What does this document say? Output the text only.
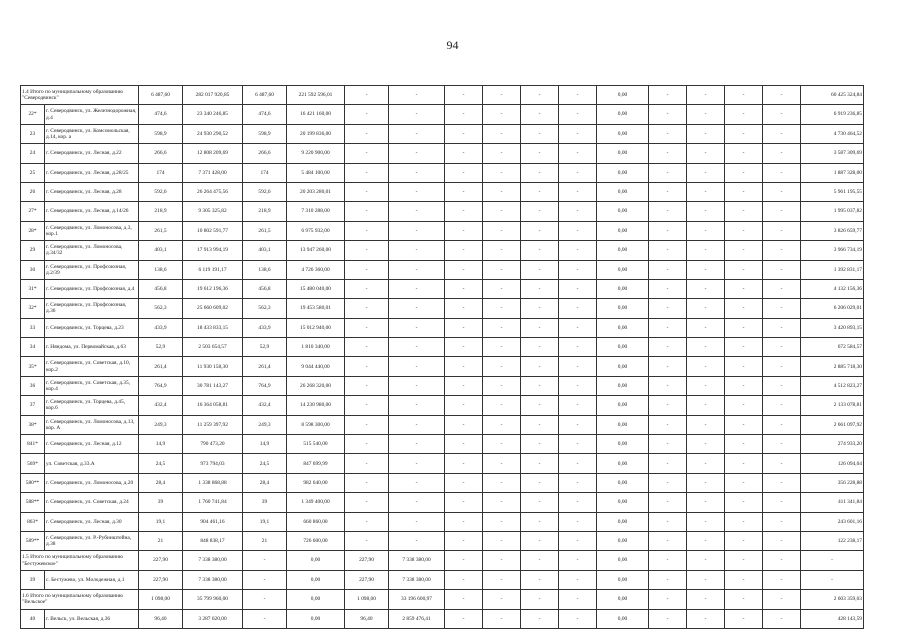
94
1.4 Итого по муниципальному образованию "Северодвинск"		6 487,60	282 017 920,85	6 487,60	221 592 596,01	-	-	-	-	-	-	0,00	-	-	-	-	60 425 324,84
22*	г. Северодвинск, ул. Железнодорожная, д.4	474,6	23 340 246,85	474,6	16 421 160,00	-	-	-	-	-	-	0,00	-	-	-	-	6 919 236,85
23	г. Северодвинск, ул. Комсомольская, д.14, кор. а	598,9	24 930 290,52	598,9	20 199 836,00	-	-	-	-	-	-	0,00	-	-	-	-	4 730 464,52
24	г. Северодвинск, ул. Лесная, д.22	266,6	12 808 209,69	266,6	9 220 900,00	-	-	-	-	-	-	0,00	-	-	-	-	3 587 309,69
25	г. Северодвинск, ул. Лесная, д.28/25	174	7 371 428,00	174	5 484 100,00	-	-	-	-	-	-	0,00	-	-	-	-	1 887 328,00
26	г. Северодвинск, ул. Лесная, д.28	592,6	26 264 475,56	592,6	20 203 280,01	-	-	-	-	-	-	0,00	-	-	-	-	5 961 195,55
27*	г. Северодвинск, ул. Лесная, д.14/26	218,9	9 305 325,82	218,9	7 310 288,00	-	-	-	-	-	-	0,00	-	-	-	-	1 995 037,82
28*	г. Северодвинск, ул. Ломоносова, д.3, кор.1	261,5	10 802 591,77	261,5	6 975 932,00	-	-	-	-	-	-	0,00	-	-	-	-	3 826 659,77
29	г. Северодвинск, ул. Ломоносова, д.34/32	403,1	17 913 994,19	403,1	13 947 260,00	-	-	-	-	-	-	0,00	-	-	-	-	3 966 734,19
30	г. Северодвинск, ул. Профсоюзная, д.2/39	138,6	6 119 191,17	138,6	4 726 360,00	-	-	-	-	-	-	0,00	-	-	-	-	1 392 831,17
31*	г. Северодвинск, ул. Профсоюзная, д.4	456,8	19 612 196,36	456,8	15 480 040,00	-	-	-	-	-	-	0,00	-	-	-	-	4 132 156,36
32*	г. Северодвинск, ул. Профсоюзная, д.36	562,3	25 660 609,02	562,3	19 453 580,01	-	-	-	-	-	-	0,00	-	-	-	-	6 206 029,01
33	г. Северодвинск, ул. Торцева, д.23	433,9	18 433 833,15	433,9	15 012 940,00	-	-	-	-	-	-	0,00	-	-	-	-	3 420 893,15
34	г. Няндома, ул. Первомайская, д.63	52,9	2 503 654,57	52,9	1 810 340,00	-	-	-	-	-	-	0,00	-	-	-	-	672 584,57
35*	г. Северодвинск, ул. Советская, д.10, кор.2	261,4	11 930 158,30	261,4	9 044 440,00	-	-	-	-	-	-	0,00	-	-	-	-	2 885 718,30
36	г. Северодвинск, ул. Советская, д.35, кор.4	764,9	30 781 143,27	764,9	26 268 320,00	-	-	-	-	-	-	0,00	-	-	-	-	4 512 823,27
37	г. Северодвинск, ул. Торцева, д.45, кор.6	432,4	16 364 058,81	432,4	14 230 980,00	-	-	-	-	-	-	0,00	-	-	-	-	2 133 078,81
38*	г. Северодвинск, ул. Ломоносова, д.13, кор. А	249,3	11 259 397,92	249,3	8 598 300,00	-	-	-	-	-	-	0,00	-	-	-	-	2 661 097,92
841*	г. Северодвинск, ул. Лесная, д.12	14,9	790 473,20	14,9	515 540,00	-	-	-	-	-	-	0,00	-	-	-	-	274 933,20
569*	ул. Советская, д.33.А	24,5	973 794,03	24,5	847 699,99	-	-	-	-	-	-	0,00	-	-	-	-	126 094,04
580**	г. Северодвинск, ул. Ломоносова, д.20	28,4	1 338 868,88	28,4	982 640,00	-	-	-	-	-	-	0,00	-	-	-	-	356 228,88
588**	г. Северодвинск, ул. Советская, д.24	39	1 760 741,84	39	1 349 400,00	-	-	-	-	-	-	0,00	-	-	-	-	411 341,84
863*	г. Северодвинск, ул. Лесная, д.30	19,1	904 461,16	19,1	660 860,00	-	-	-	-	-	-	0,00	-	-	-	-	243 601,16
589**	г. Северодвинск, ул. Р.-Рубинштейна, д.38	21	848 838,17	21	726 600,00	-	-	-	-	-	-	0,00	-	-	-	-	122 238,17
1.5 Итого по муниципальному образованию "Бестужевское"		227,90	7 338 380,00	-	0,00	227,90	7 338 380,00	-	-	-	-	0,00	-	-	-	-	-
39	с. Бестужево, ул. Молодежная, д.1	227,90	7 338 380,00	-	0,00	227,90	7 338 380,00	-	-	-	-	0,00	-	-	-	-	-
1.6 Итого по муниципальному образованию "Вельское"		1 098,00	35 799 960,00	-	0,00	1 098,00	33 196 600,97	-	-	-	-	0,00	-	-	-	-	2 603 359,03
40	г. Вельск, ул. Вельская, д.36	96,40	3 287 620,00	-	0,00	96,40	2 859 476,41	-	-	-	-	0,00	-	-	-	-	428 143,59
